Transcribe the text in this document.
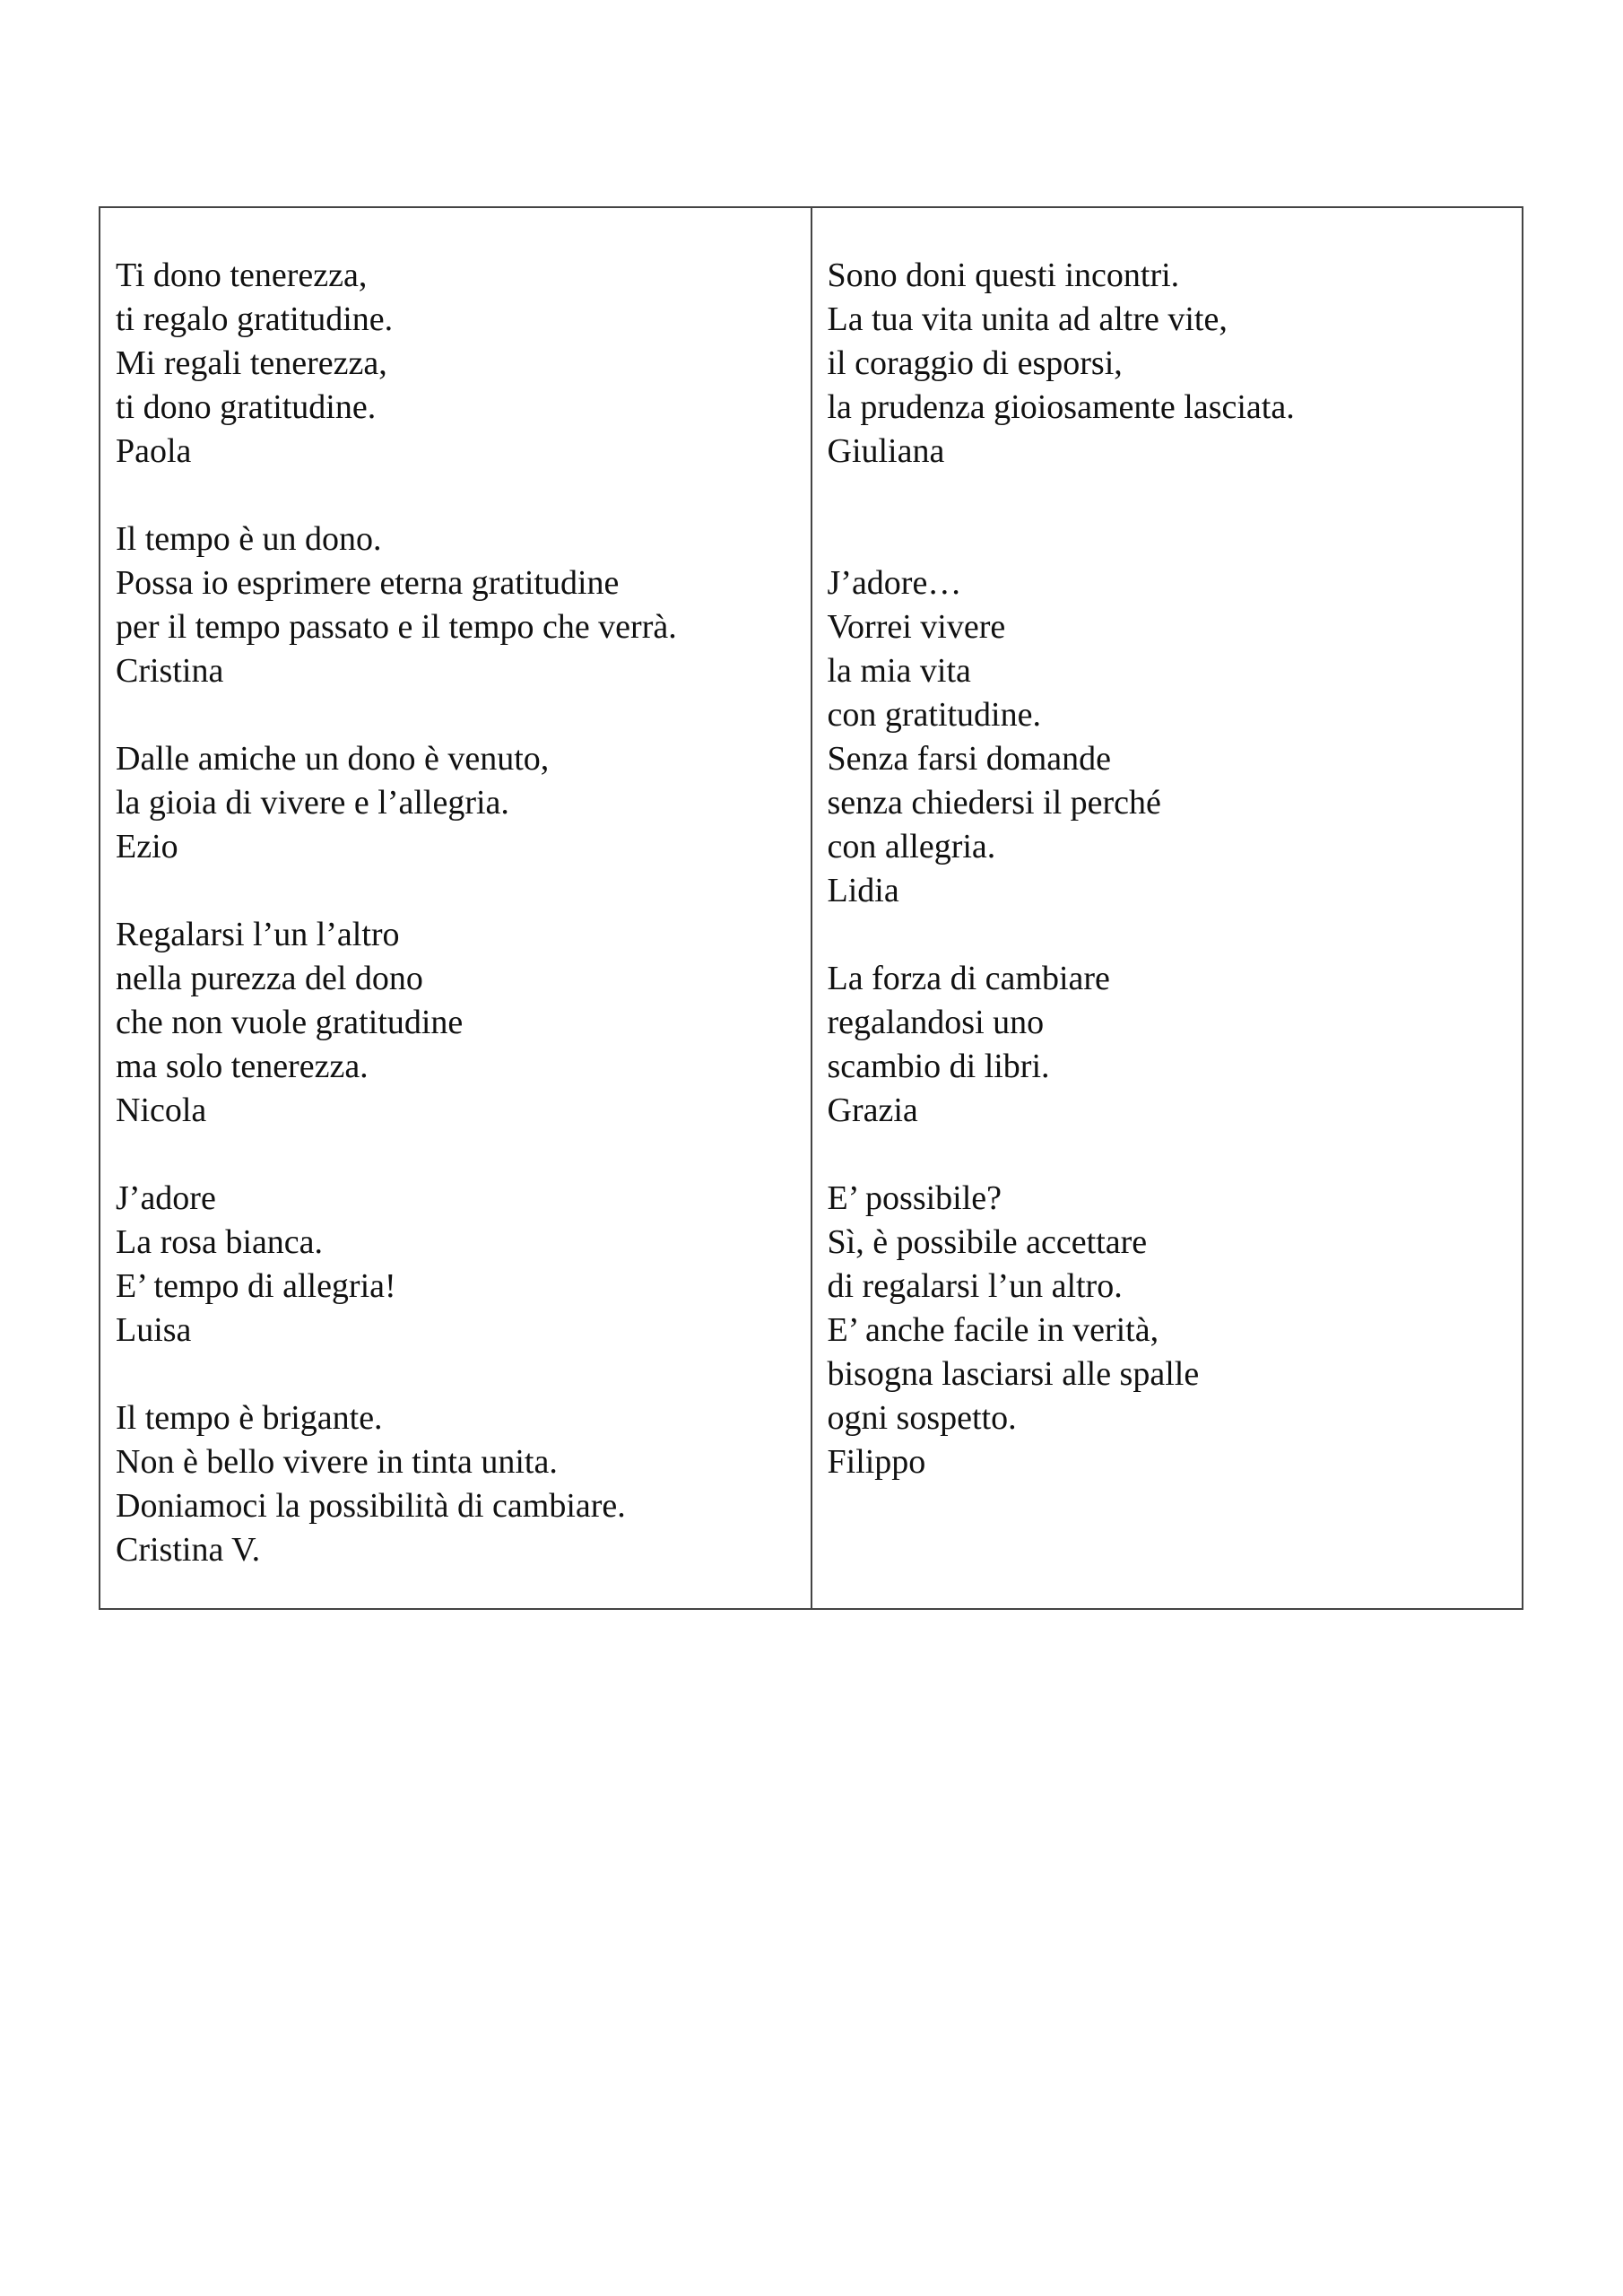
Ti dono tenerezza,
ti regalo gratitudine.
Mi regali tenerezza,
ti dono gratitudine.
Paola
Il tempo è un dono.
Possa io esprimere eterna gratitudine
per il tempo passato e il tempo che verrà.
Cristina
Dalle amiche un dono è venuto,
la gioia di vivere e l’allegria.
Ezio
Regalarsi l’un l’altro
nella purezza del dono
che non vuole gratitudine
ma solo tenerezza.
Nicola
J’adore
La rosa bianca.
E’ tempo di allegria!
Luisa
Il tempo è brigante.
Non è bello vivere in tinta unita.
Doniamoci la possibilità di cambiare.
Cristina V.
Sono doni questi incontri.
La tua vita unita ad altre vite,
il coraggio di esporsi,
la prudenza gioiosamente lasciata.
Giuliana
J’adore…
Vorrei vivere
la mia vita
con gratitudine.
Senza farsi domande
senza chiedersi il perché
con allegria.
Lidia
La forza di cambiare
regalandosi uno
scambio di libri.
Grazia
E’ possibile?
Sì, è possibile accettare
di regalarsi l’un altro.
E’ anche facile in verità,
bisogna lasciarsi alle spalle
ogni sospetto.
Filippo
